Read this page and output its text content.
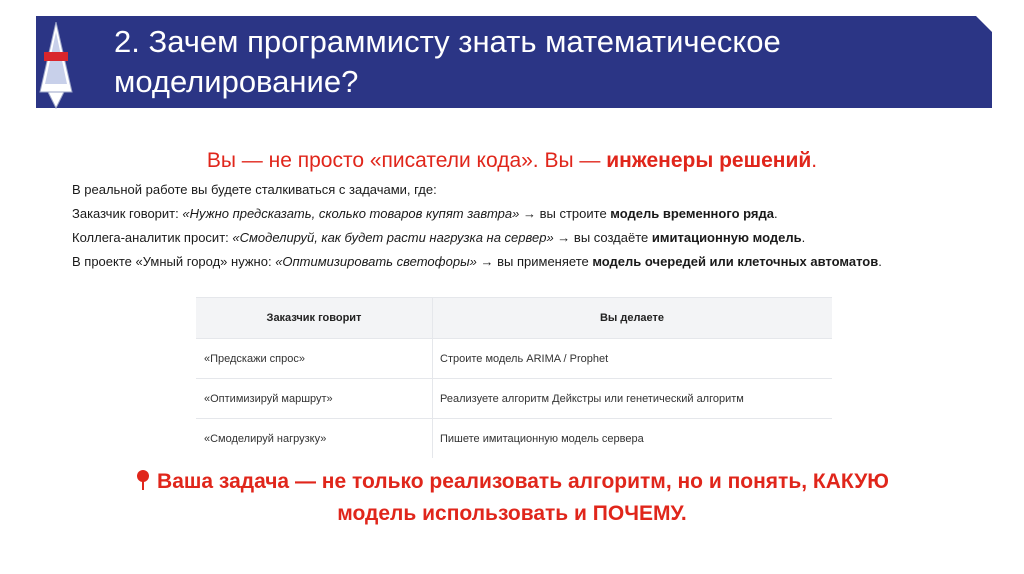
2. Зачем программисту знать математическое
моделирование?
Вы — не просто «писатели кода». Вы — инженеры решений.
В реальной работе вы будете сталкиваться с задачами, где:
Заказчик говорит: «Нужно предсказать, сколько товаров купят завтра» → вы строите модель временного ряда.
Коллега-аналитик просит: «Смоделируй, как будет расти нагрузка на сервер» → вы создаёте имитационную модель.
В проекте «Умный город» нужно: «Оптимизировать светофоры» → вы применяете модель очередей или клеточных автоматов.
Заказчик говорит	Вы делаете
«Предскажи спрос»	Строите модель ARIMA / Prophet
«Оптимизируй маршрут»	Реализуете алгоритм Дейкстры или генетический алгоритм
«Смоделируй нагрузку»	Пишете имитационную модель сервера
Ваша задача — не только реализовать алгоритм, но и понять, КАКУЮ
модель использовать и ПОЧЕМУ.
